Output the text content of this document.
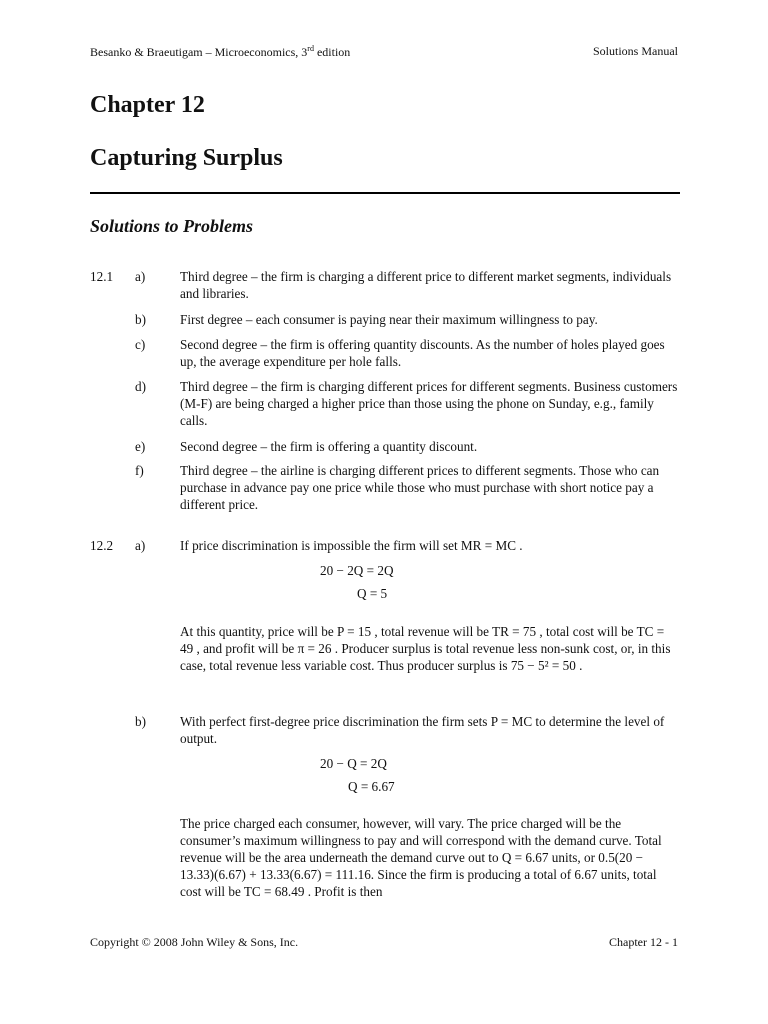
Besanko & Braeutigam – Microeconomics, 3rd edition	Solutions Manual
Chapter 12
Capturing Surplus
Solutions to Problems
12.1 a)	Third degree – the firm is charging a different price to different market segments, individuals and libraries.
b)	First degree – each consumer is paying near their maximum willingness to pay.
c)	Second degree – the firm is offering quantity discounts. As the number of holes played goes up, the average expenditure per hole falls.
d)	Third degree – the firm is charging different prices for different segments. Business customers (M-F) are being charged a higher price than those using the phone on Sunday, e.g., family calls.
e)	Second degree – the firm is offering a quantity discount.
f)	Third degree – the airline is charging different prices to different segments. Those who can purchase in advance pay one price while those who must purchase with short notice pay a different price.
12.2 a)	If price discrimination is impossible the firm will set MR = MC .
20 − 2Q = 2Q
Q = 5
At this quantity, price will be P = 15 , total revenue will be TR = 75 , total cost will be TC = 49 , and profit will be π = 26 . Producer surplus is total revenue less non-sunk cost, or, in this case, total revenue less variable cost. Thus producer surplus is 75 − 5² = 50 .
b)	With perfect first-degree price discrimination the firm sets P = MC to determine the level of output.
20 − Q = 2Q
Q = 6.67
The price charged each consumer, however, will vary. The price charged will be the consumer’s maximum willingness to pay and will correspond with the demand curve. Total revenue will be the area underneath the demand curve out to Q = 6.67 units, or 0.5(20 − 13.33)(6.67) + 13.33(6.67) = 111.16. Since the firm is producing a total of 6.67 units, total cost will be TC = 68.49 . Profit is then
Copyright © 2008 John Wiley & Sons, Inc.	Chapter 12 - 1
